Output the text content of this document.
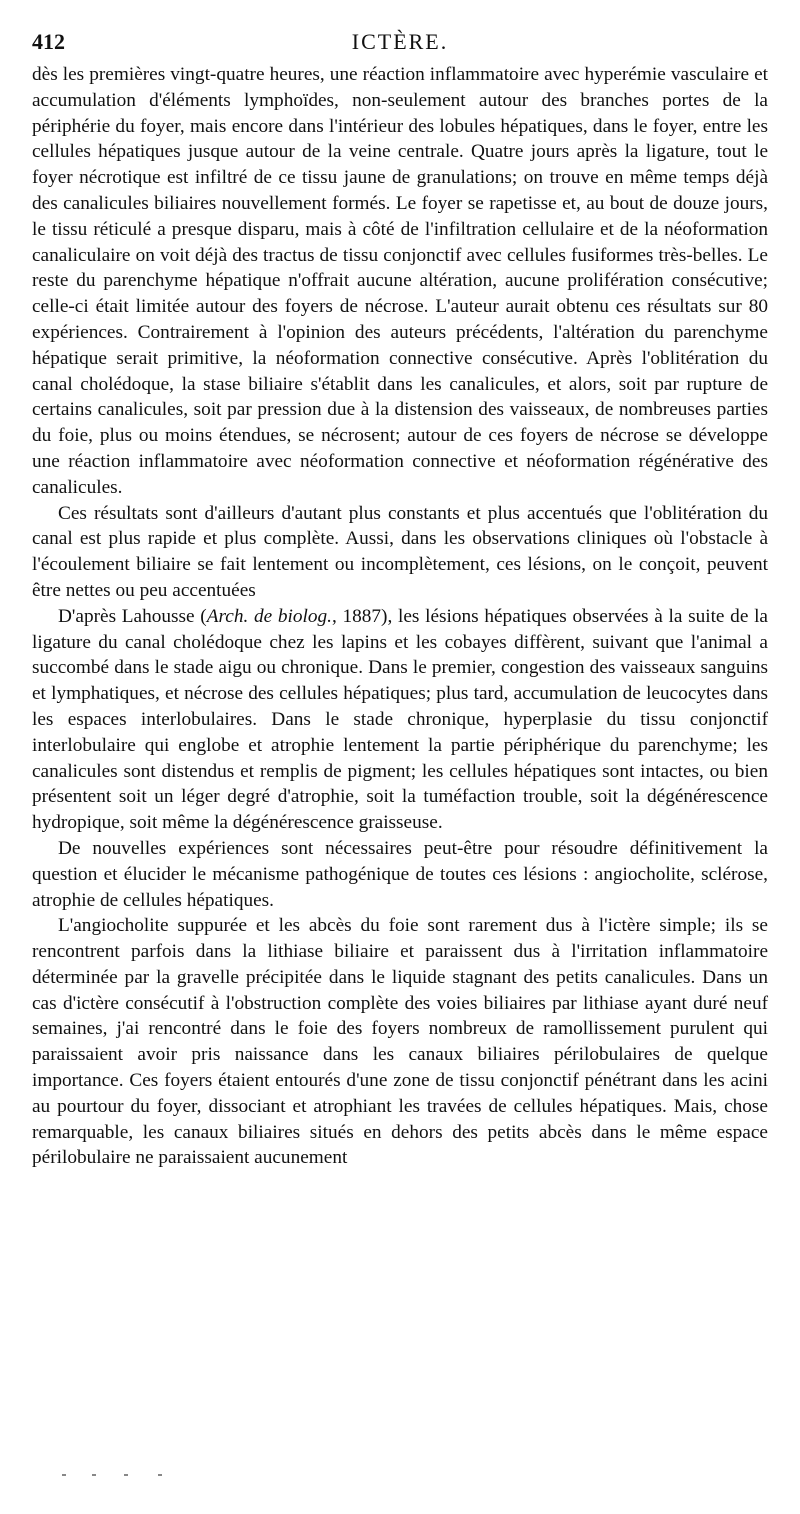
412	ICTÈRE.

dès les premières vingt-quatre heures, une réaction inflammatoire avec hyperémie vasculaire et accumulation d'éléments lymphoïdes, non-seulement autour des branches portes de la périphérie du foyer, mais encore dans l'intérieur des lobules hépatiques, dans le foyer, entre les cellules hépatiques jusque autour de la veine centrale. Quatre jours après la ligature, tout le foyer nécrotique est infiltré de ce tissu jaune de granulations; on trouve en même temps déjà des canalicules biliaires nouvellement formés. Le foyer se rapetisse et, au bout de douze jours, le tissu réticulé a presque disparu, mais à côté de l'infiltration cellulaire et de la néoformation canaliculaire on voit déjà des tractus de tissu conjonctif avec cellules fusiformes très-belles. Le reste du parenchyme hépatique n'offrait aucune altération, aucune prolifération consécutive; celle-ci était limitée autour des foyers de nécrose. L'auteur aurait obtenu ces résultats sur 80 expériences. Contrairement à l'opinion des auteurs précédents, l'altération du parenchyme hépatique serait primitive, la néoformation connective consécutive. Après l'oblitération du canal cholédoque, la stase biliaire s'établit dans les canalicules, et alors, soit par rupture de certains canalicules, soit par pression due à la distension des vaisseaux, de nombreuses parties du foie, plus ou moins étendues, se nécrosent; autour de ces foyers de nécrose se développe une réaction inflammatoire avec néoformation connective et néoformation régénérative des canalicules.

Ces résultats sont d'ailleurs d'autant plus constants et plus accentués que l'oblitération du canal est plus rapide et plus complète. Aussi, dans les observations cliniques où l'obstacle à l'écoulement biliaire se fait lentement ou incomplètement, ces lésions, on le conçoit, peuvent être nettes ou peu accentuées

D'après Lahousse (Arch. de biolog., 1887), les lésions hépatiques observées à la suite de la ligature du canal cholédoque chez les lapins et les cobayes diffèrent, suivant que l'animal a succombé dans le stade aigu ou chronique. Dans le premier, congestion des vaisseaux sanguins et lymphatiques, et nécrose des cellules hépatiques; plus tard, accumulation de leucocytes dans les espaces interlobulaires. Dans le stade chronique, hyperplasie du tissu conjonctif interlobulaire qui englobe et atrophie lentement la partie périphérique du parenchyme; les canalicules sont distendus et remplis de pigment; les cellules hépatiques sont intactes, ou bien présentent soit un léger degré d'atrophie, soit la tuméfaction trouble, soit la dégénérescence hydropique, soit même la dégénérescence graisseuse.

De nouvelles expériences sont nécessaires peut-être pour résoudre définitivement la question et élucider le mécanisme pathogénique de toutes ces lésions : angiocholite, sclérose, atrophie de cellules hépatiques.

L'angiocholite suppurée et les abcès du foie sont rarement dus à l'ictère simple; ils se rencontrent parfois dans la lithiase biliaire et paraissent dus à l'irritation inflammatoire déterminée par la gravelle précipitée dans le liquide stagnant des petits canalicules. Dans un cas d'ictère consécutif à l'obstruction complète des voies biliaires par lithiase ayant duré neuf semaines, j'ai rencontré dans le foie des foyers nombreux de ramollissement purulent qui paraissaient avoir pris naissance dans les canaux biliaires périlobulaires de quelque importance. Ces foyers étaient entourés d'une zone de tissu conjonctif pénétrant dans les acini au pourtour du foyer, dissociant et atrophiant les travées de cellules hépatiques. Mais, chose remarquable, les canaux biliaires situés en dehors des petits abcès dans le même espace périlobulaire ne paraissaient aucunement
